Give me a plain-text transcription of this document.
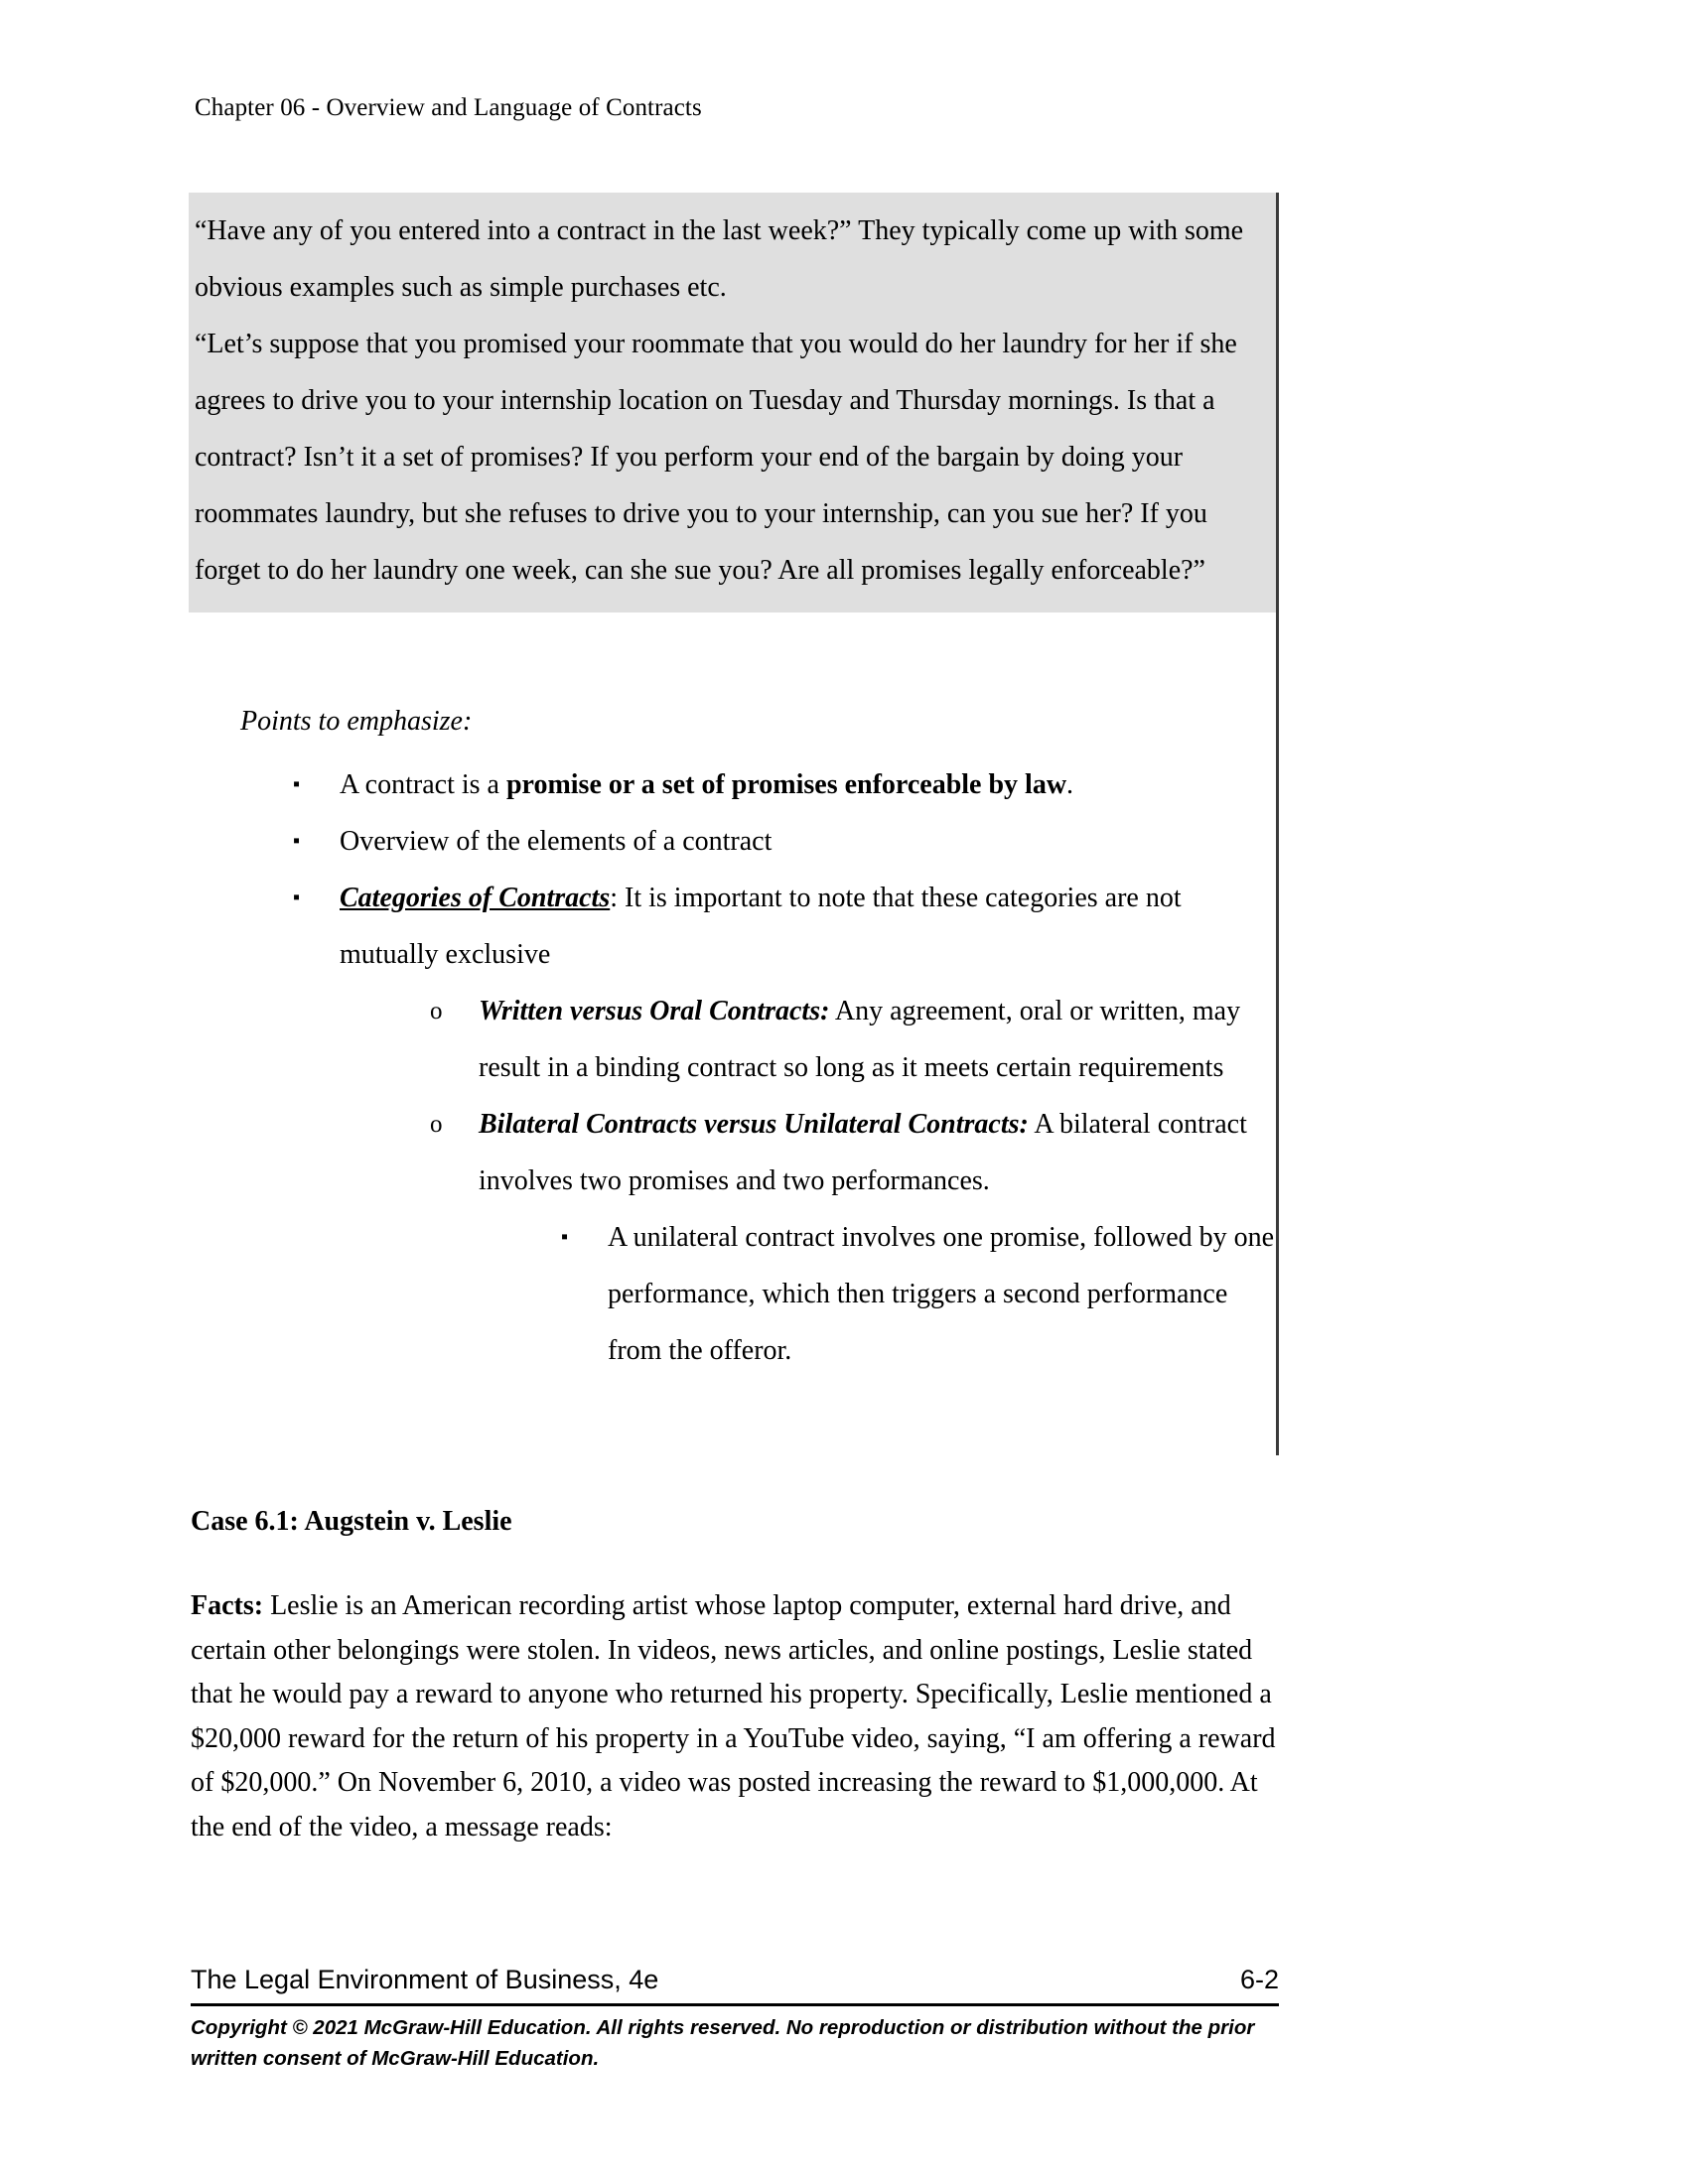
Chapter 06 - Overview and Language of Contracts

“Have any of you entered into a contract in the last week?” They typically come up with some obvious examples such as simple purchases etc.

“Let’s suppose that you promised your roommate that you would do her laundry for her if she agrees to drive you to your internship location on Tuesday and Thursday mornings. Is that a contract? Isn’t it a set of promises? If you perform your end of the bargain by doing your roommates laundry, but she refuses to drive you to your internship, can you sue her? If you forget to do her laundry one week, can she sue you? Are all promises legally enforceable?”

Points to emphasize:
▪ A contract is a promise or a set of promises enforceable by law.
▪ Overview of the elements of a contract
▪ Categories of Contracts: It is important to note that these categories are not mutually exclusive
o Written versus Oral Contracts: Any agreement, oral or written, may result in a binding contract so long as it meets certain requirements
o Bilateral Contracts versus Unilateral Contracts: A bilateral contract involves two promises and two performances.
▪ A unilateral contract involves one promise, followed by one performance, which then triggers a second performance from the offeror.
Case 6.1: Augstein v. Leslie
Facts: Leslie is an American recording artist whose laptop computer, external hard drive, and certain other belongings were stolen. In videos, news articles, and online postings, Leslie stated that he would pay a reward to anyone who returned his property. Specifically, Leslie mentioned a $20,000 reward for the return of his property in a YouTube video, saying, “I am offering a reward of $20,000.” On November 6, 2010, a video was posted increasing the reward to $1,000,000. At the end of the video, a message reads:
The Legal Environment of Business, 4e	6-2
Copyright © 2021 McGraw-Hill Education. All rights reserved. No reproduction or distribution without the prior written consent of McGraw-Hill Education.
